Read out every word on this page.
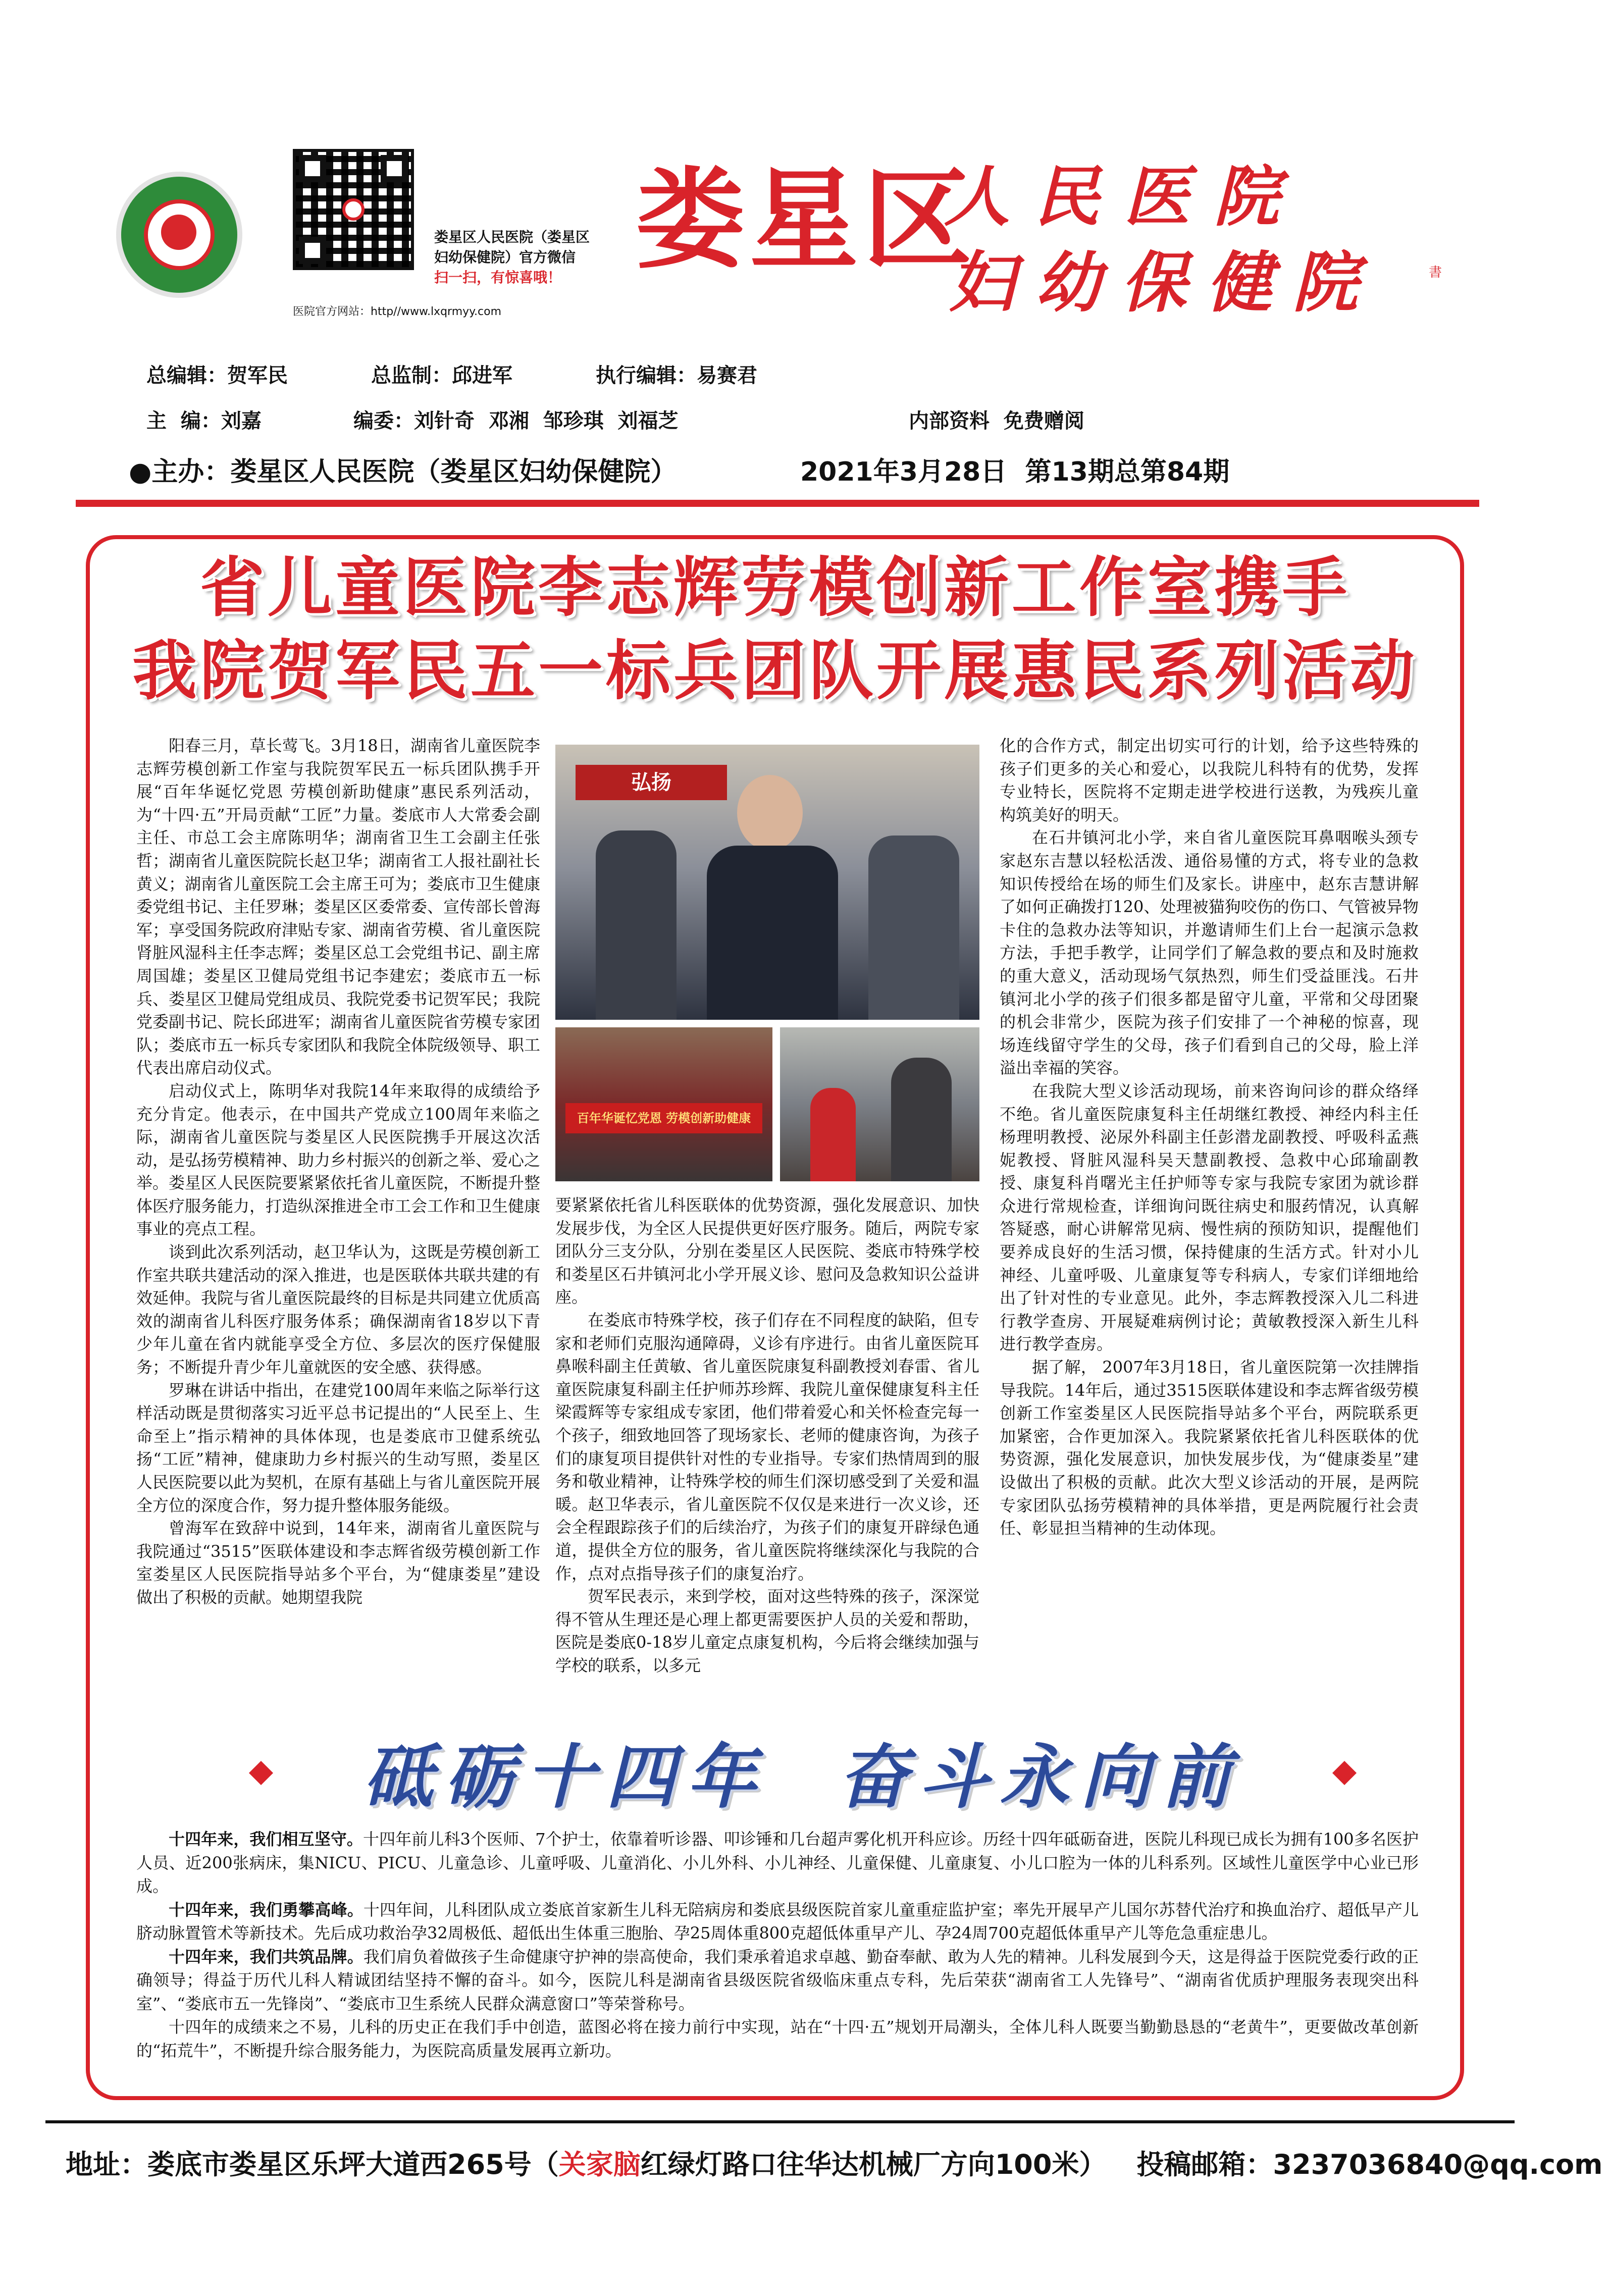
娄星区人民医院（娄星区
妇幼保健院）官方微信
扫一扫，有惊喜哦！
医院官方网站：http//www.lxqrmyy.com
娄星区
人民医院
妇幼保健院	書
总编辑：贺军民	总监制：邱进军	执行编辑：易赛君
主  编：刘嘉	编委：刘针奇  邓湘  邹珍琪  刘福芝	内部资料  免费赠阅
●主办：娄星区人民医院（娄星区妇幼保健院）	2021年3月28日  第13期总第84期
省儿童医院李志辉劳模创新工作室携手
我院贺军民五一标兵团队开展惠民系列活动

阳春三月，草长莺飞。3月18日，湖南省儿童医院李志辉劳模创新工作室与我院贺军民五一标兵团队携手开展“百年华诞忆党恩 劳模创新助健康”惠民系列活动，为“十四·五”开局贡献“工匠”力量。娄底市人大常委会副主任、市总工会主席陈明华；湖南省卫生工会副主任张哲；湖南省儿童医院院长赵卫华；湖南省工人报社副社长黄义；湖南省儿童医院工会主席王可为；娄底市卫生健康委党组书记、主任罗琳；娄星区区委常委、宣传部长曾海军；享受国务院政府津贴专家、湖南省劳模、省儿童医院肾脏风湿科主任李志辉；娄星区总工会党组书记、副主席周国雄；娄星区卫健局党组书记李建宏；娄底市五一标兵、娄星区卫健局党组成员、我院党委书记贺军民；我院党委副书记、院长邱进军；湖南省儿童医院省劳模专家团队；娄底市五一标兵专家团队和我院全体院级领导、职工代表出席启动仪式。

启动仪式上，陈明华对我院14年来取得的成绩给予充分肯定。他表示，在中国共产党成立100周年来临之际，湖南省儿童医院与娄星区人民医院携手开展这次活动，是弘扬劳模精神、助力乡村振兴的创新之举、爱心之举。娄星区人民医院要紧紧依托省儿童医院，不断提升整体医疗服务能力，打造纵深推进全市工会工作和卫生健康事业的亮点工程。

谈到此次系列活动，赵卫华认为，这既是劳模创新工作室共联共建活动的深入推进，也是医联体共联共建的有效延伸。我院与省儿童医院最终的目标是共同建立优质高效的湖南省儿科医疗服务体系；确保湖南省18岁以下青少年儿童在省内就能享受全方位、多层次的医疗保健服务；不断提升青少年儿童就医的安全感、获得感。

罗琳在讲话中指出，在建党100周年来临之际举行这样活动既是贯彻落实习近平总书记提出的“人民至上、生命至上”指示精神的具体体现，也是娄底市卫健系统弘扬“工匠”精神，健康助力乡村振兴的生动写照，娄星区人民医院要以此为契机，在原有基础上与省儿童医院开展全方位的深度合作，努力提升整体服务能级。

曾海军在致辞中说到，14年来，湖南省儿童医院与我院通过“3515”医联体建设和李志辉省级劳模创新工作室娄星区人民医院指导站多个平台，为“健康娄星”建设做出了积极的贡献。她期望我院

弘扬
百年华诞忆党恩 劳模创新助健康

要紧紧依托省儿科医联体的优势资源，强化发展意识、加快发展步伐，为全区人民提供更好医疗服务。随后，两院专家团队分三支分队，分别在娄星区人民医院、娄底市特殊学校和娄星区石井镇河北小学开展义诊、慰问及急救知识公益讲座。

在娄底市特殊学校，孩子们存在不同程度的缺陷，但专家和老师们克服沟通障碍，义诊有序进行。由省儿童医院耳鼻喉科副主任黄敏、省儿童医院康复科副教授刘春雷、省儿童医院康复科副主任护师苏珍辉、我院儿童保健康复科主任梁霞辉等专家组成专家团，他们带着爱心和关怀检查完每一个孩子，细致地回答了现场家长、老师的健康咨询，为孩子们的康复项目提供针对性的专业指导。专家们热情周到的服务和敬业精神，让特殊学校的师生们深切感受到了关爱和温暖。赵卫华表示，省儿童医院不仅仅是来进行一次义诊，还会全程跟踪孩子们的后续治疗，为孩子们的康复开辟绿色通道，提供全方位的服务，省儿童医院将继续深化与我院的合作，点对点指导孩子们的康复治疗。

贺军民表示，来到学校，面对这些特殊的孩子，深深觉得不管从生理还是心理上都更需要医护人员的关爱和帮助，医院是娄底0-18岁儿童定点康复机构，今后将会继续加强与学校的联系，以多元

化的合作方式，制定出切实可行的计划，给予这些特殊的孩子们更多的关心和爱心，以我院儿科特有的优势，发挥专业特长，医院将不定期走进学校进行送教，为残疾儿童构筑美好的明天。

在石井镇河北小学，来自省儿童医院耳鼻咽喉头颈专家赵东吉慧以轻松活泼、通俗易懂的方式，将专业的急救知识传授给在场的师生们及家长。讲座中，赵东吉慧讲解了如何正确拨打120、处理被猫狗咬伤的伤口、气管被异物卡住的急救办法等知识，并邀请师生们上台一起演示急救方法，手把手教学，让同学们了解急救的要点和及时施救的重大意义，活动现场气氛热烈，师生们受益匪浅。石井镇河北小学的孩子们很多都是留守儿童，平常和父母团聚的机会非常少，医院为孩子们安排了一个神秘的惊喜，现场连线留守学生的父母，孩子们看到自己的父母，脸上洋溢出幸福的笑容。

在我院大型义诊活动现场，前来咨询问诊的群众络绎不绝。省儿童医院康复科主任胡继红教授、神经内科主任杨理明教授、泌尿外科副主任彭潜龙副教授、呼吸科孟燕妮教授、肾脏风湿科吴天慧副教授、急救中心邱瑜副教授、康复科肖曙光主任护师等专家与我院专家团为就诊群众进行常规检查，详细询问既往病史和服药情况，认真解答疑惑，耐心讲解常见病、慢性病的预防知识，提醒他们要养成良好的生活习惯，保持健康的生活方式。针对小儿神经、儿童呼吸、儿童康复等专科病人，专家们详细地给出了针对性的专业意见。此外，李志辉教授深入儿二科进行教学查房、开展疑难病例讨论；黄敏教授深入新生儿科进行教学查房。

据了解， 2007年3月18日，省儿童医院第一次挂牌指导我院。14年后，通过3515医联体建设和李志辉省级劳模创新工作室娄星区人民医院指导站多个平台，两院联系更加紧密，合作更加深入。我院紧紧依托省儿科医联体的优势资源，强化发展意识，加快发展步伐，为“健康娄星”建设做出了积极的贡献。此次大型义诊活动的开展，是两院专家团队弘扬劳模精神的具体举措，更是两院履行社会责任、彰显担当精神的生动体现。

砥砺十四年  奋斗永向前

十四年来，我们相互坚守。十四年前儿科3个医师、7个护士，依靠着听诊器、叩诊锤和几台超声雾化机开科应诊。历经十四年砥砺奋进，医院儿科现已成长为拥有100多名医护人员、近200张病床，集NICU、PICU、儿童急诊、儿童呼吸、儿童消化、小儿外科、小儿神经、儿童保健、儿童康复、小儿口腔为一体的儿科系列。区域性儿童医学中心业已形成。

十四年来，我们勇攀高峰。十四年间，儿科团队成立娄底首家新生儿科无陪病房和娄底县级医院首家儿童重症监护室；率先开展早产儿国尔苏替代治疗和换血治疗、超低早产儿脐动脉置管术等新技术。先后成功救治孕32周极低、超低出生体重三胞胎、孕25周体重800克超低体重早产儿、孕24周700克超低体重早产儿等危急重症患儿。

十四年来，我们共筑品牌。我们肩负着做孩子生命健康守护神的崇高使命，我们秉承着追求卓越、勤奋奉献、敢为人先的精神。儿科发展到今天，这是得益于医院党委行政的正确领导；得益于历代儿科人精诚团结坚持不懈的奋斗。如今，医院儿科是湖南省县级医院省级临床重点专科，先后荣获“湖南省工人先锋号”、“湖南省优质护理服务表现突出科室”、“娄底市五一先锋岗”、“娄底市卫生系统人民群众满意窗口”等荣誉称号。

十四年的成绩来之不易，儿科的历史正在我们手中创造，蓝图必将在接力前行中实现，站在“十四·五”规划开局潮头，全体儿科人既要当勤勤恳恳的“老黄牛”，更要做改革创新的“拓荒牛”，不断提升综合服务能力，为医院高质量发展再立新功。

地址：娄底市娄星区乐坪大道西265号（关家脑红绿灯路口往华达机械厂方向100米） 投稿邮箱：3237036840@qq.com
